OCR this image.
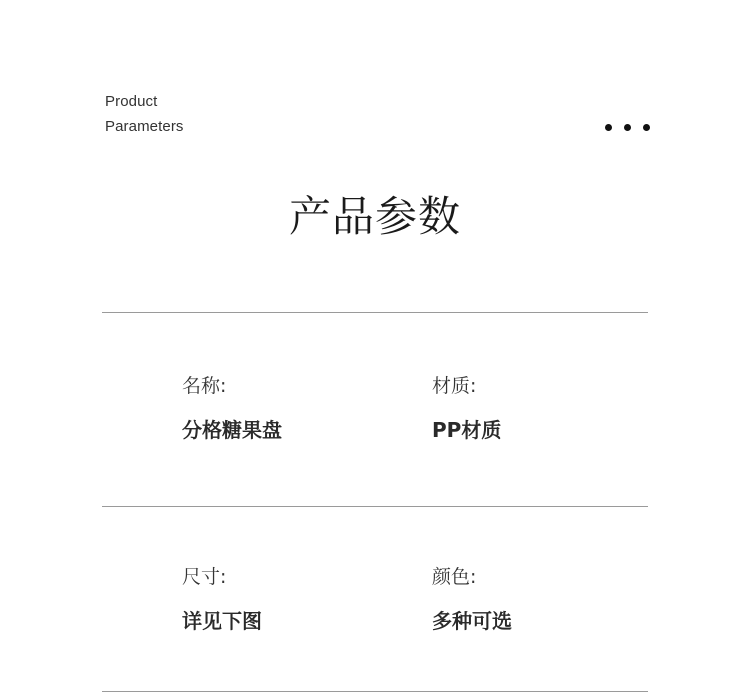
Product
Parameters
产品参数
名称:
分格糖果盘
材质:
PP材质
尺寸:
详见下图
颜色:
多种可选
